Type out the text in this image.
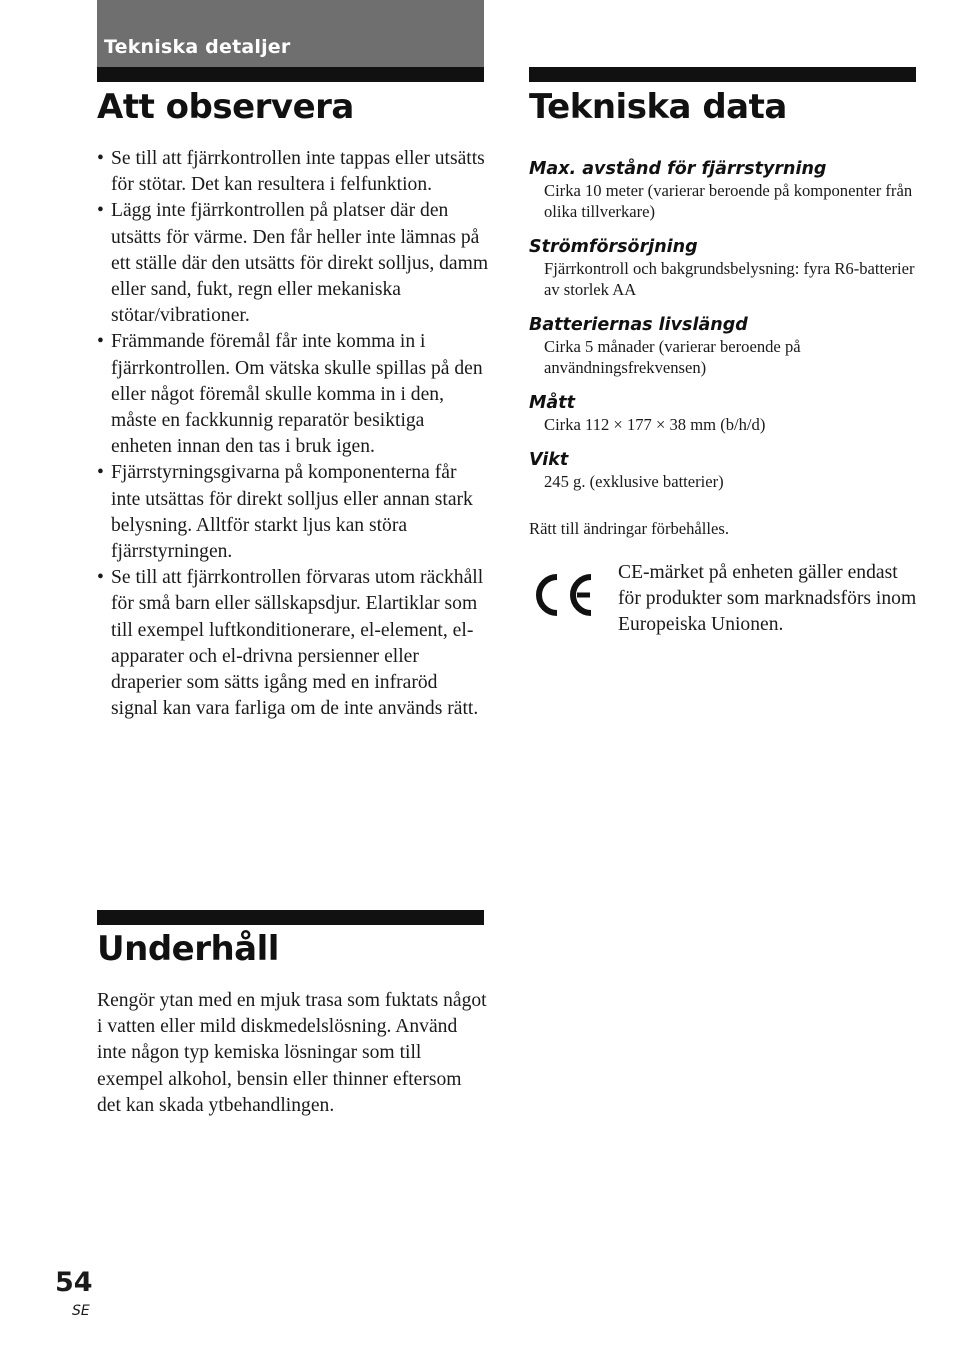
Tekniska detaljer
Att observera
• Se till att fjärrkontrollen inte tappas eller utsätts för stötar. Det kan resultera i felfunktion.
• Lägg inte fjärrkontrollen på platser där den utsätts för värme. Den får heller inte lämnas på ett ställe där den utsätts för direkt solljus, damm eller sand, fukt, regn eller mekaniska stötar/vibrationer.
• Främmande föremål får inte komma in i fjärrkontrollen. Om vätska skulle spillas på den eller något föremål skulle komma in i den, måste en fackkunnig reparatör besiktiga enheten innan den tas i bruk igen.
• Fjärrstyrningsgivarna på komponenterna får inte utsättas för direkt solljus eller annan stark belysning. Alltför starkt ljus kan störa fjärrstyrningen.
• Se till att fjärrkontrollen förvaras utom räckhåll för små barn eller sällskapsdjur. Elartiklar som till exempel luftkonditionerare, el-element, el-apparater och el-drivna persienner eller draperier som sätts igång med en infraröd signal kan vara farliga om de inte används rätt.
Underhåll

Rengör ytan med en mjuk trasa som fuktats något i vatten eller mild diskmedelslösning. Använd inte någon typ kemiska lösningar som till exempel alkohol, bensin eller thinner eftersom det kan skada ytbehandlingen.

Tekniska data

Max. avstånd för fjärrstyrning

Cirka 10 meter (varierar beroende på komponenter från olika tillverkare)

Strömförsörjning

Fjärrkontroll och bakgrundsbelysning: fyra R6-batterier av storlek AA

Batteriernas livslängd

Cirka 5 månader (varierar beroende på användningsfrekvensen)

Mått

Cirka 112 × 177 × 38 mm (b/h/d)

Vikt

245 g. (exklusive batterier)

Rätt till ändringar förbehålles.

CE-märket på enheten gäller endast för produkter som marknadsförs inom Europeiska Unionen.

54
SE
